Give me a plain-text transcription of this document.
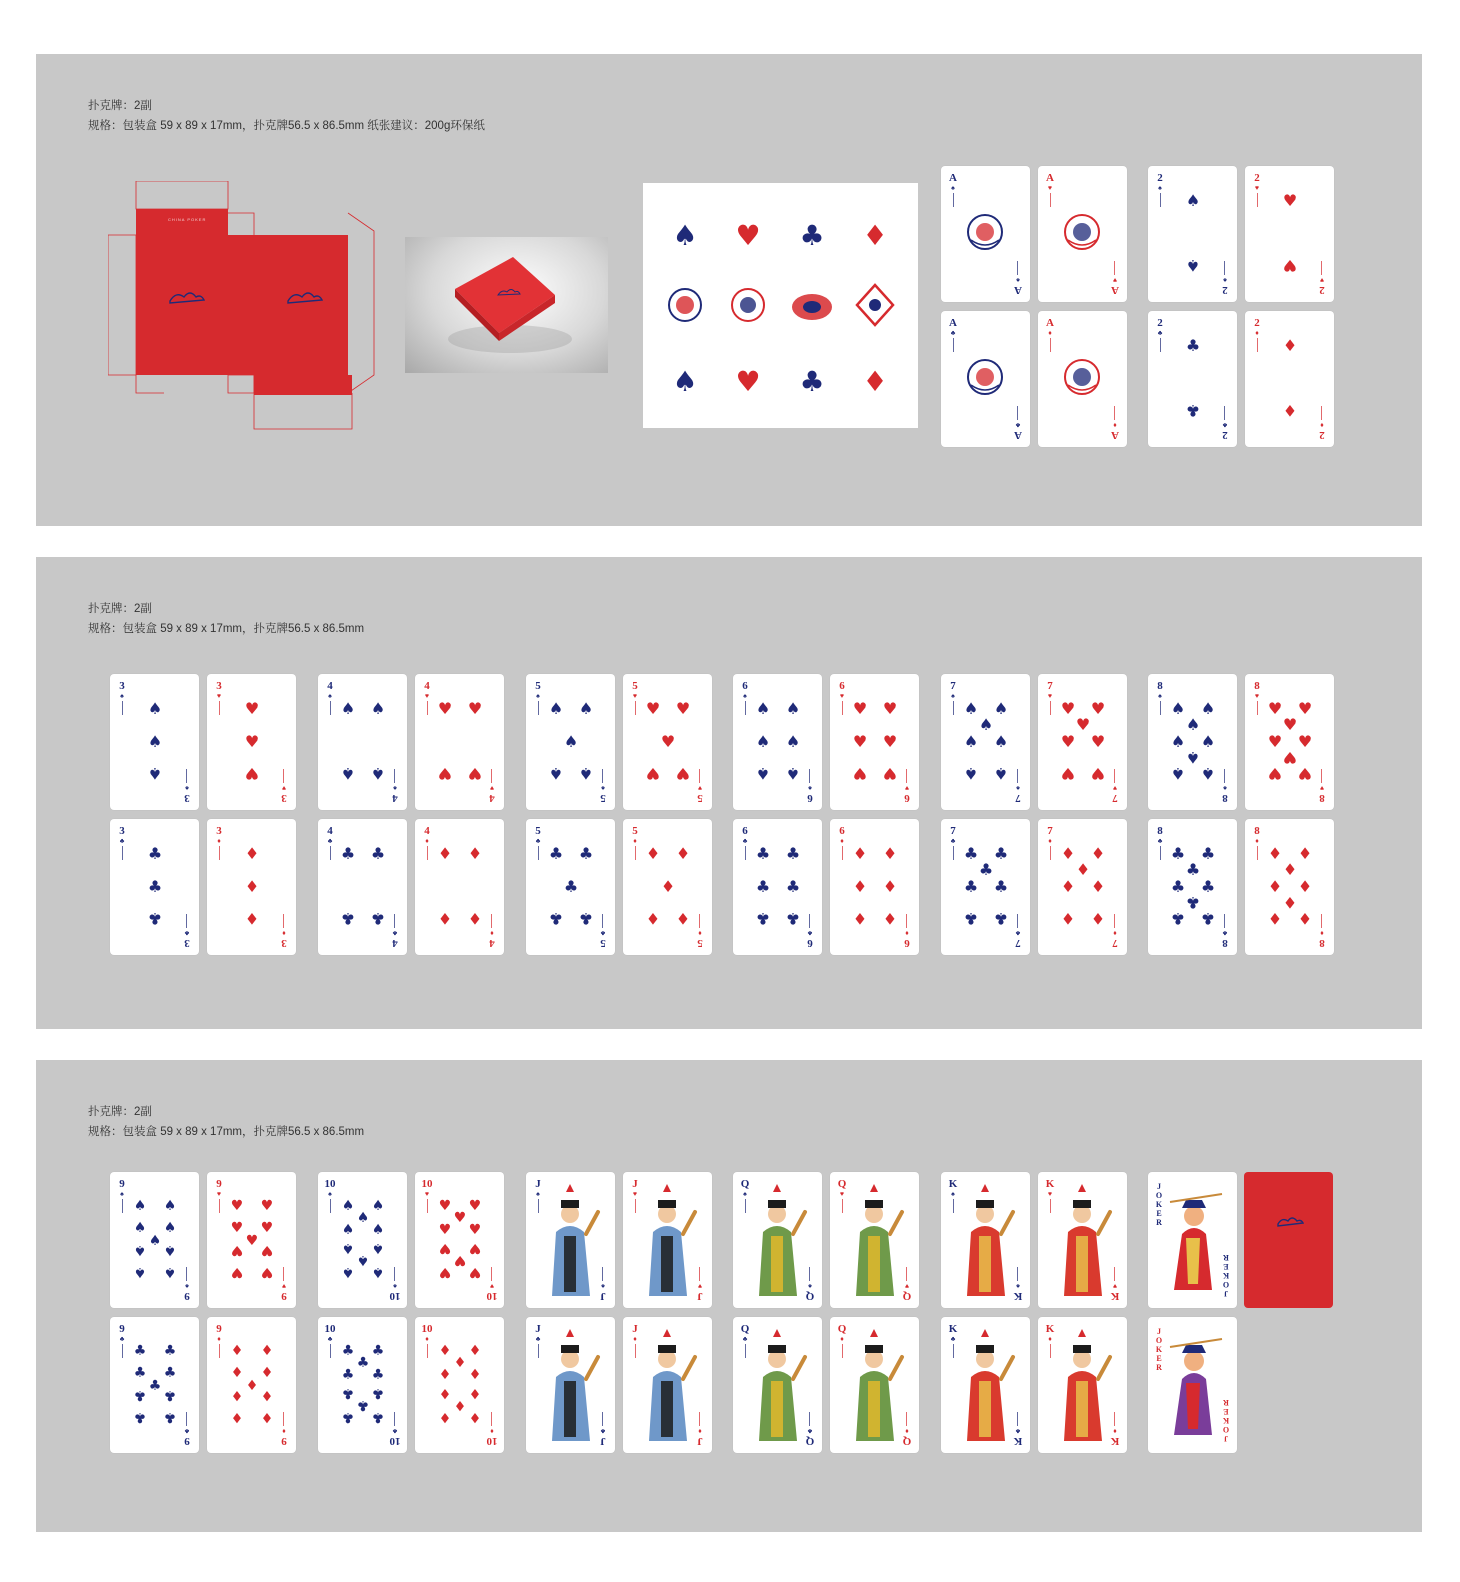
扑克牌：2副
规格：包装盒 59 x 89 x 17mm，扑克牌56.5 x 86.5mm 纸张建议：200g环保纸
CHINA POKER	♠ ♥ ♣ ♦
♠ ♥ ♣ ♦
A
♠
A
♠
A
♥
A
♥
A
♣
A
♣
A
♦
A
♦
♠
♠
2
♠
2
♠
♥
♥
2
♥
2
♥
♣
♣
2
♣
2
♣
♦
♦
2
♦
2
♦
扑克牌：2副
规格：包装盒 59 x 89 x 17mm，扑克牌56.5 x 86.5mm
♠
♠
♠
3
♠
3
♠
♥
♥
♥
3
♥
3
♥
♣
♣
♣
3
♣
3
♣
♦
♦
♦
3
♦
3
♦
♠ ♠
♠ ♠
4
♠
4
♠
♥ ♥
♥ ♥
4
♥
4
♥
♣ ♣
♣ ♣
4
♣
4
♣
♦ ♦
♦ ♦
4
♦
4
♦
♠ ♠
♠
♠ ♠
5
♠
5
♠
♥ ♥
♥
♥ ♥
5
♥
5
♥
♣ ♣
♣
♣ ♣
5
♣
5
♣
♦ ♦
♦
♦ ♦
5
♦
5
♦
♠ ♠
♠ ♠
♠ ♠
6
♠
6
♠
♥ ♥
♥ ♥
♥ ♥
6
♥
6
♥
♣ ♣
♣ ♣
♣ ♣
6
♣
6
♣
♦ ♦
♦ ♦
♦ ♦
6
♦
6
♦
♠ ♠
♠
♠ ♠
♠ ♠
7
♠
7
♠
♥ ♥
♥
♥ ♥
♥ ♥
7
♥
7
♥
♣ ♣
♣
♣ ♣
♣ ♣
7
♣
7
♣
♦ ♦
♦
♦ ♦
♦ ♦
7
♦
7
♦
♠ ♠
♠
♠ ♠
♠
♠ ♠
8
♠
8
♠
♥ ♥
♥
♥ ♥
♥
♥ ♥
8
♥
8
♥
♣ ♣
♣
♣ ♣
♣
♣ ♣
8
♣
8
♣
♦ ♦
♦
♦ ♦
♦
♦ ♦
8
♦
8
♦
扑克牌：2副
规格：包装盒 59 x 89 x 17mm，扑克牌56.5 x 86.5mm
♠ ♠
♠ ♠
♠
♠ ♠
♠ ♠
9
♠
9
♠
♥ ♥
♥ ♥
♥
♥ ♥
♥ ♥
9
♥
9
♥
♣ ♣
♣ ♣
♣
♣ ♣
♣ ♣
9
♣
9
♣
♦ ♦
♦ ♦
♦
♦ ♦
♦ ♦
9
♦
9
♦
♠ ♠
♠
♠ ♠
♠ ♠
♠
♠ ♠
10
♠
10
♠
♥ ♥
♥
♥ ♥
♥ ♥
♥
♥ ♥
10
♥
10
♥
♣ ♣
♣
♣ ♣
♣ ♣
♣
♣ ♣
10
♣
10
♣
♦ ♦
♦
♦ ♦
♦ ♦
♦
♦ ♦
10
♦
10
♦
J
♠
J
♠
J
♥
J
♥
J
♣
J
♣
J
♦
J
♦
Q
♠
Q
♠
Q
♥
Q
♥
Q
♣
Q
♣
Q
♦
Q
♦
K
♠
K
♠
K
♥
K
♥
K
♣
K
♣
K
♦
K
♦
J
O
K
E
R
J
O
K
E
R
J
O
K
E
R
J
O
K
E
R
